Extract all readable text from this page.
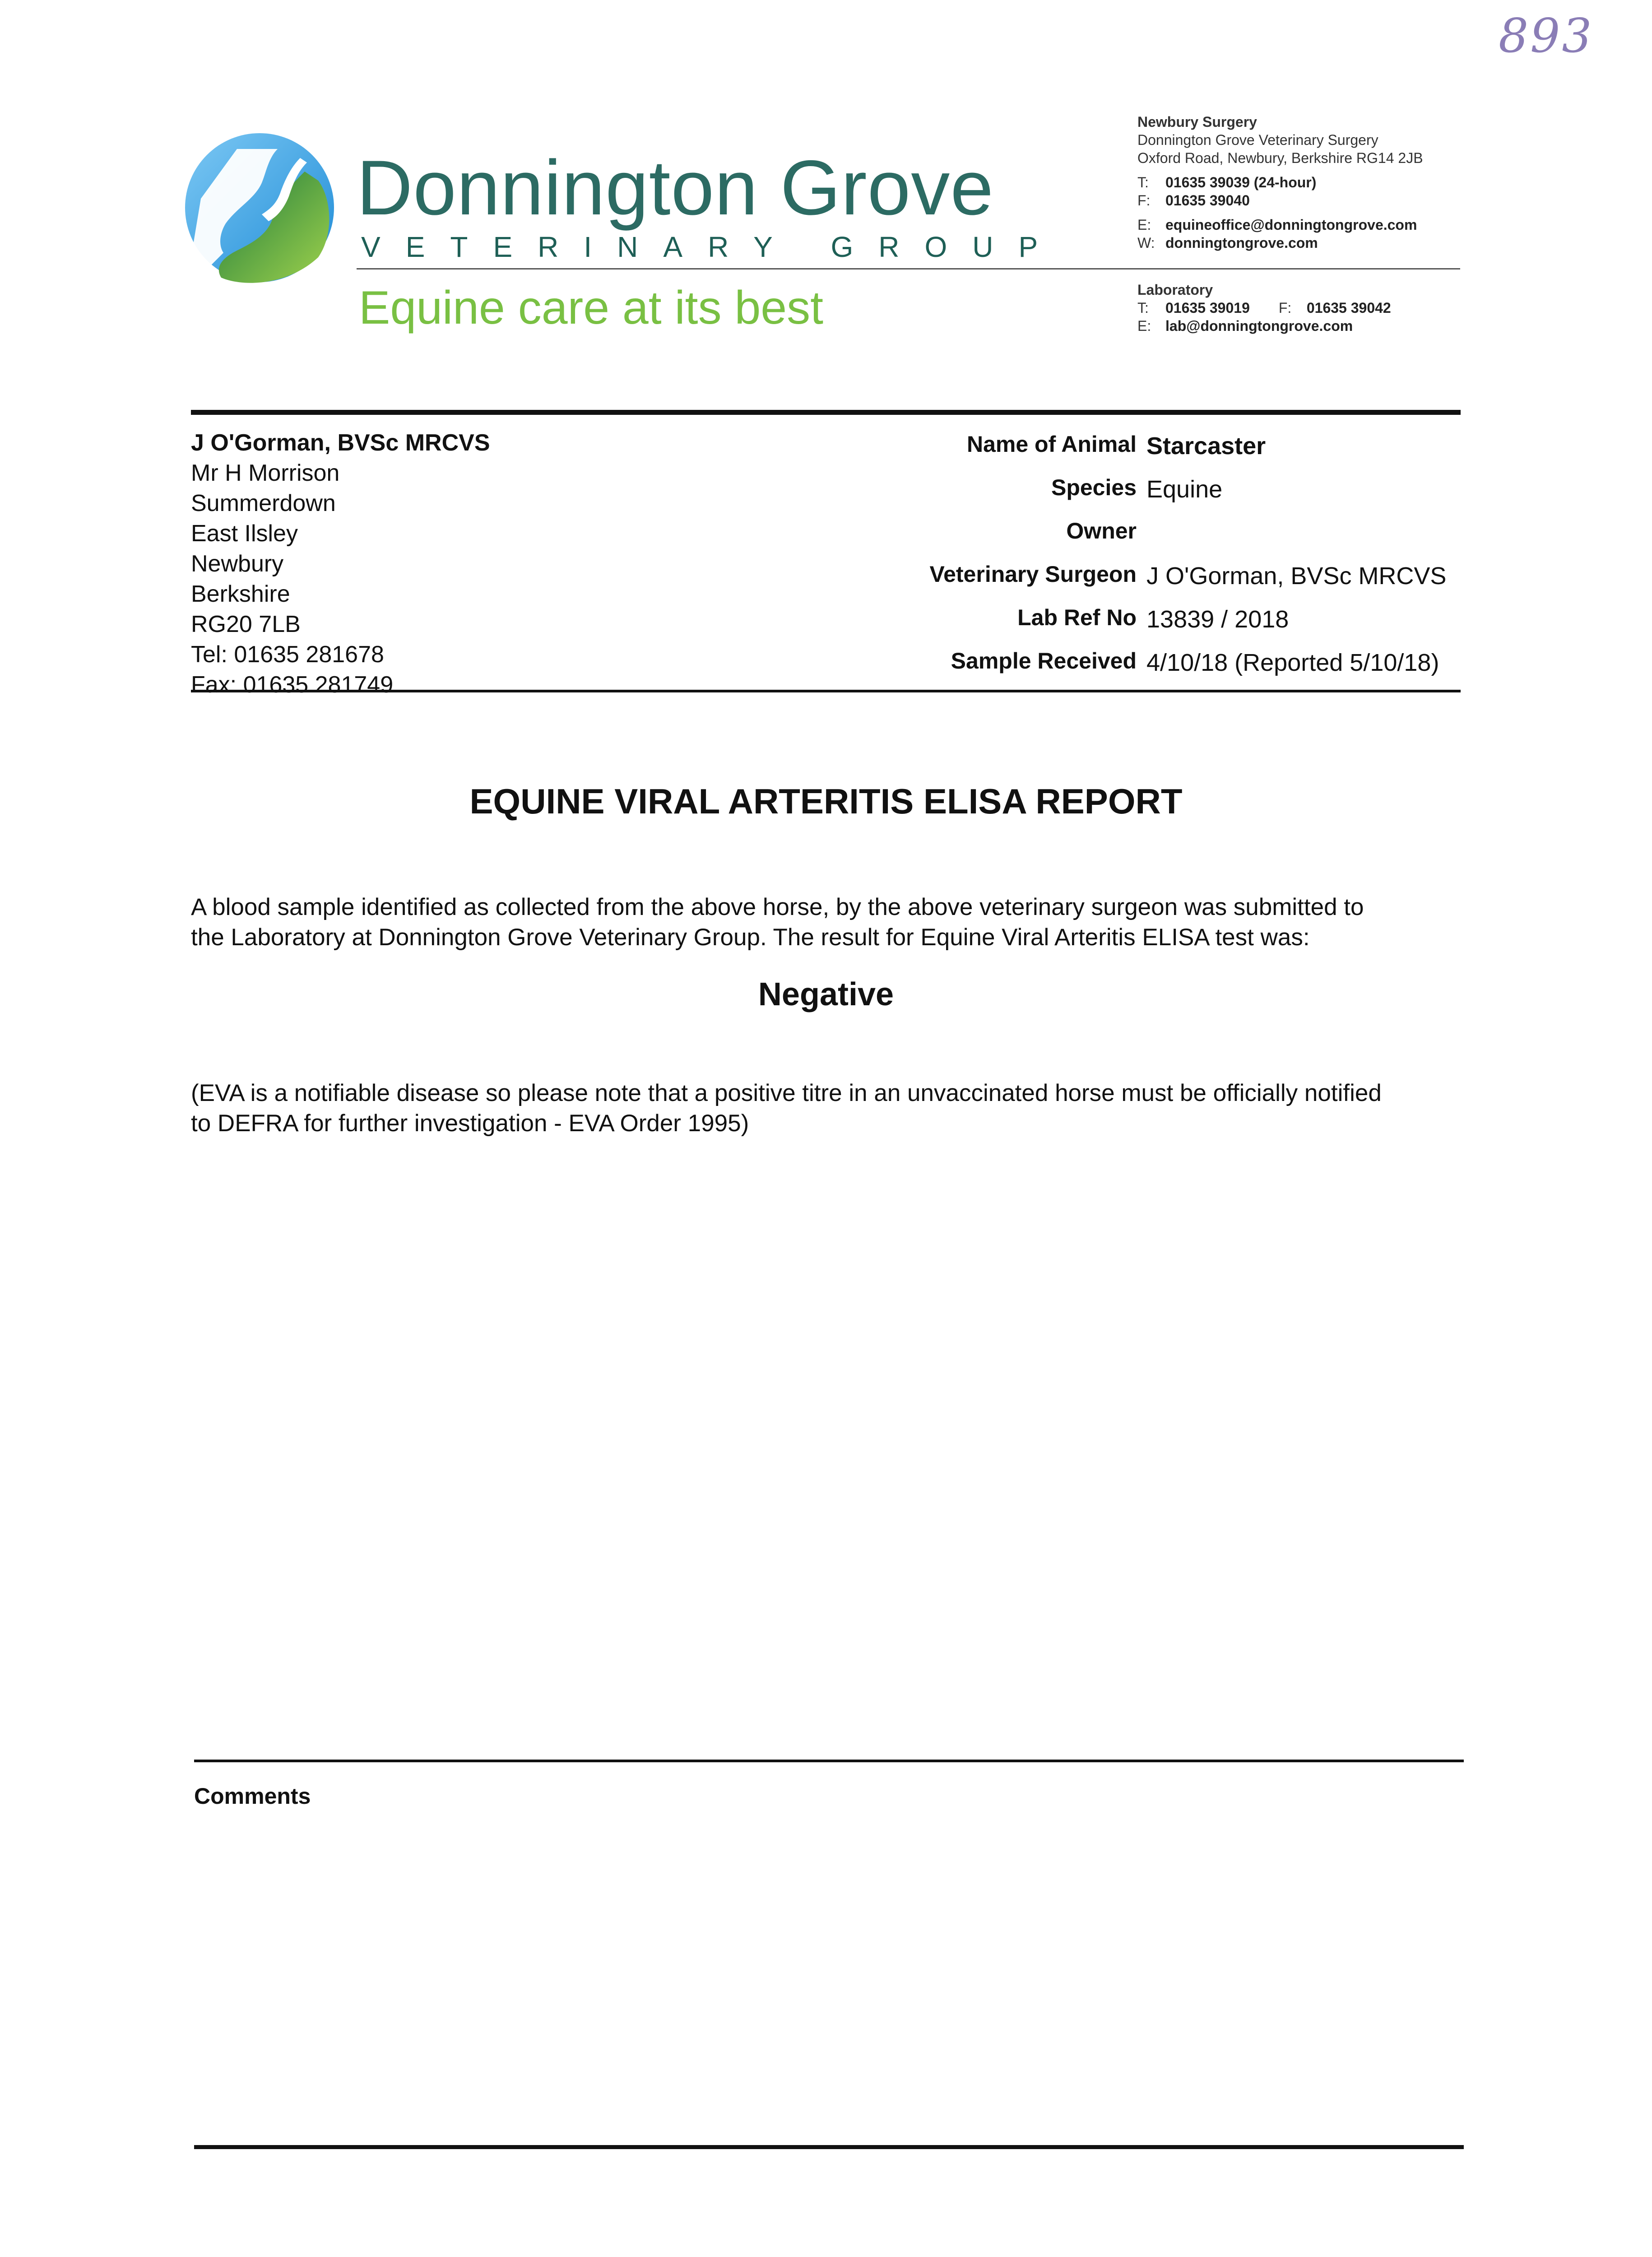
893
Donnington Grove
VETERINARY GROUP
Equine care at its best
Newbury Surgery
Donnington Grove Veterinary Surgery
Oxford Road, Newbury, Berkshire RG14 2JB
T: 01635 39039 (24-hour)
F: 01635 39040
E: equineoffice@donningtongrove.com
W: donningtongrove.com
Laboratory
T: 01635 39019 F: 01635 39042
E: lab@donningtongrove.com
J O'Gorman, BVSc MRCVS
Mr H Morrison
Summerdown
East Ilsley
Newbury
Berkshire
RG20 7LB
Tel: 01635 281678
Fax: 01635 281749
Name of Animal
Species
Owner
Veterinary Surgeon
Lab Ref No
Sample Received
Starcaster
Equine
J O'Gorman, BVSc MRCVS
13839 / 2018
4/10/18 (Reported 5/10/18)
EQUINE VIRAL ARTERITIS ELISA REPORT
A blood sample identified as collected from the above horse, by the above veterinary surgeon was submitted to
the Laboratory at Donnington Grove Veterinary Group. The result for Equine Viral Arteritis ELISA test was:
Negative
(EVA is a notifiable disease so please note that a positive titre in an unvaccinated horse must be officially notified
to DEFRA for further investigation - EVA Order 1995)
Comments
